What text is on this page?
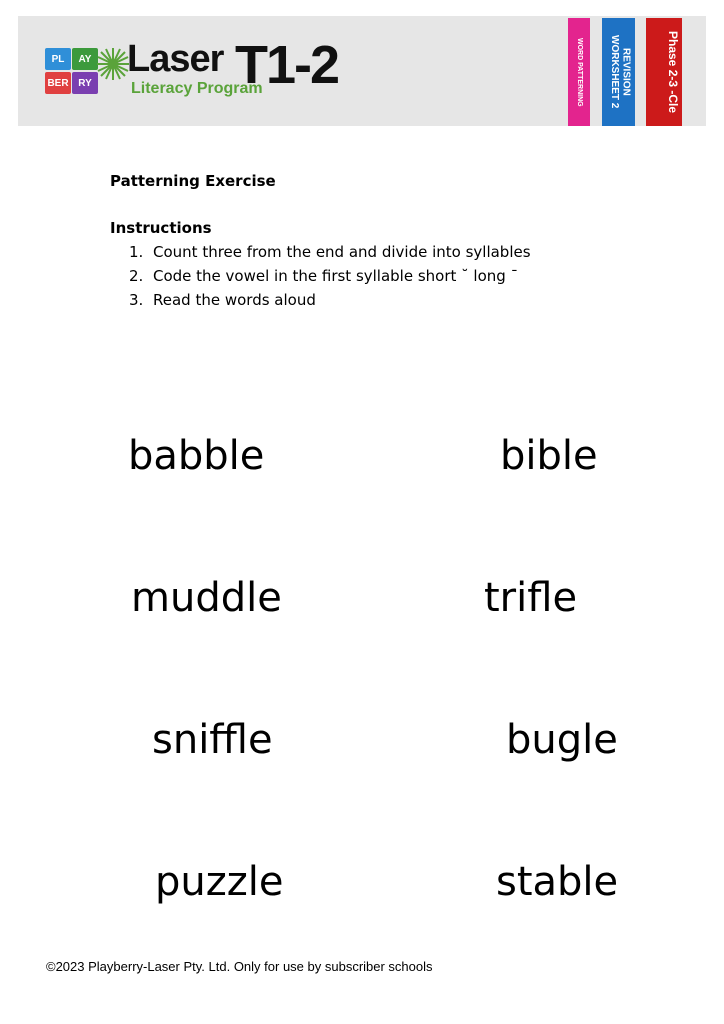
PL	AY
BER RY
Laser T1-2
Literacy Program	WORD PATTERNING	REVISION WORKSHEET 2	Phase 2-3 -Cle
Patterning Exercise
Instructions
1. Count three from the end and divide into syllables
2. Code the vowel in the first syllable short ˘ long ¯
3. Read the words aloud
babble	bible
muddle	trifle
sniffle	bugle
puzzle	stable
©2023 Playberry-Laser Pty. Ltd. Only for use by subscriber schools
